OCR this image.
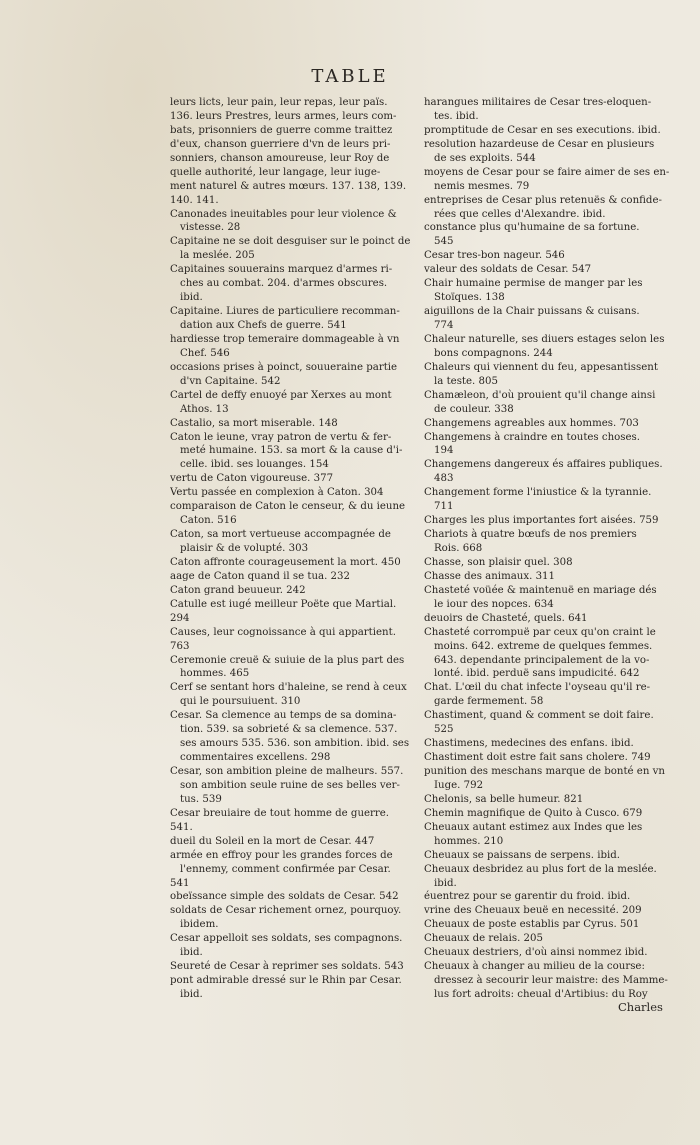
TABLE
leurs licts, leur pain, leur repas, leur païs.
136. leurs Prestres, leurs armes, leurs com-
bats, prisonniers de guerre comme traittez
d'eux, chanson guerriere d'vn de leurs pri-
sonniers, chanson amoureuse, leur Roy de
quelle authorité, leur langage, leur iuge-
ment naturel & autres mœurs. 137. 138, 139.
140. 141.
Canonades ineuitables pour leur violence &
vistesse. 28
Capitaine ne se doit desguiser sur le poinct de
la meslée. 205
Capitaines souuerains marquez d'armes ri-
ches au combat. 204. d'armes obscures.
ibid.
Capitaine. Liures de particuliere recomman-
dation aux Chefs de guerre. 541
hardiesse trop temeraire dommageable à vn
Chef. 546
occasions prises à poinct, souueraine partie
d'vn Capitaine. 542
Cartel de deffy enuoyé par Xerxes au mont
Athos. 13
Castalio, sa mort miserable. 148
Caton le ieune, vray patron de vertu & fer-
meté humaine. 153. sa mort & la cause d'i-
celle. ibid. ses louanges. 154
vertu de Caton vigoureuse. 377
Vertu passée en complexion à Caton. 304
comparaison de Caton le censeur, & du ieune
Caton. 516
Caton, sa mort vertueuse accompagnée de
plaisir & de volupté. 303
Caton affronte courageusement la mort. 450
aage de Caton quand il se tua. 232
Caton grand beuueur. 242
Catulle est iugé meilleur Poëte que Martial.
294
Causes, leur cognoissance à qui appartient.
763
Ceremonie creuë & suiuie de la plus part des
hommes. 465
Cerf se sentant hors d'haleine, se rend à ceux
qui le poursuiuent. 310
Cesar. Sa clemence au temps de sa domina-
tion. 539. sa sobrieté & sa clemence. 537.
ses amours 535. 536. son ambition. ibid. ses
commentaires excellens. 298
Cesar, son ambition pleine de malheurs. 557.
son ambition seule ruine de ses belles ver-
tus. 539
Cesar breuiaire de tout homme de guerre.
541.
dueil du Soleil en la mort de Cesar. 447
armée en effroy pour les grandes forces de
l'ennemy, comment confirmée par Cesar.
541
obeïssance simple des soldats de Cesar. 542
soldats de Cesar richement ornez, pourquoy.
ibidem.
Cesar appelloit ses soldats, ses compagnons.
ibid.
Seureté de Cesar à reprimer ses soldats. 543
pont admirable dressé sur le Rhin par Cesar.
ibid.
harangues militaires de Cesar tres-eloquen-
tes. ibid.
promptitude de Cesar en ses executions. ibid.
resolution hazardeuse de Cesar en plusieurs
de ses exploits. 544
moyens de Cesar pour se faire aimer de ses en-
nemis mesmes. 79
entreprises de Cesar plus retenuës & confide-
rées que celles d'Alexandre. ibid.
constance plus qu'humaine de sa fortune.
545
Cesar tres-bon nageur. 546
valeur des soldats de Cesar. 547
Chair humaine permise de manger par les
Stoïques. 138
aiguillons de la Chair puissans & cuisans.
774
Chaleur naturelle, ses diuers estages selon les
bons compagnons. 244
Chaleurs qui viennent du feu, appesantissent
la teste. 805
Chamæleon, d'où prouient qu'il change ainsi
de couleur. 338
Changemens agreables aux hommes. 703
Changemens à craindre en toutes choses.
194
Changemens dangereux és affaires publiques.
483
Changement forme l'iniustice & la tyrannie.
711
Charges les plus importantes fort aisées. 759
Chariots à quatre bœufs de nos premiers
Rois. 668
Chasse, son plaisir quel. 308
Chasse des animaux. 311
Chasteté voüée & maintenuë en mariage dés
le iour des nopces. 634
deuoirs de Chasteté, quels. 641
Chasteté corrompuë par ceux qu'on craint le
moins. 642. extreme de quelques femmes.
643. dependante principalement de la vo-
lonté. ibid. perduë sans impudicité. 642
Chat. L'œil du chat infecte l'oyseau qu'il re-
garde fermement. 58
Chastiment, quand & comment se doit faire.
525
Chastimens, medecines des enfans. ibid.
Chastiment doit estre fait sans cholere. 749
punition des meschans marque de bonté en vn
Iuge. 792
Chelonis, sa belle humeur. 821
Chemin magnifique de Quito à Cusco. 679
Cheuaux autant estimez aux Indes que les
hommes. 210
Cheuaux se paissans de serpens. ibid.
Cheuaux desbridez au plus fort de la meslée.
ibid.
éuentrez pour se garentir du froid. ibid.
vrine des Cheuaux beuë en necessité. 209
Cheuaux de poste establis par Cyrus. 501
Cheuaux de relais. 205
Cheuaux destriers, d'où ainsi nommez ibid.
Cheuaux à changer au milieu de la course:
dressez à secourir leur maistre: des Mamme-
lus fort adroits: cheual d'Artibius: du Roy
Charles
